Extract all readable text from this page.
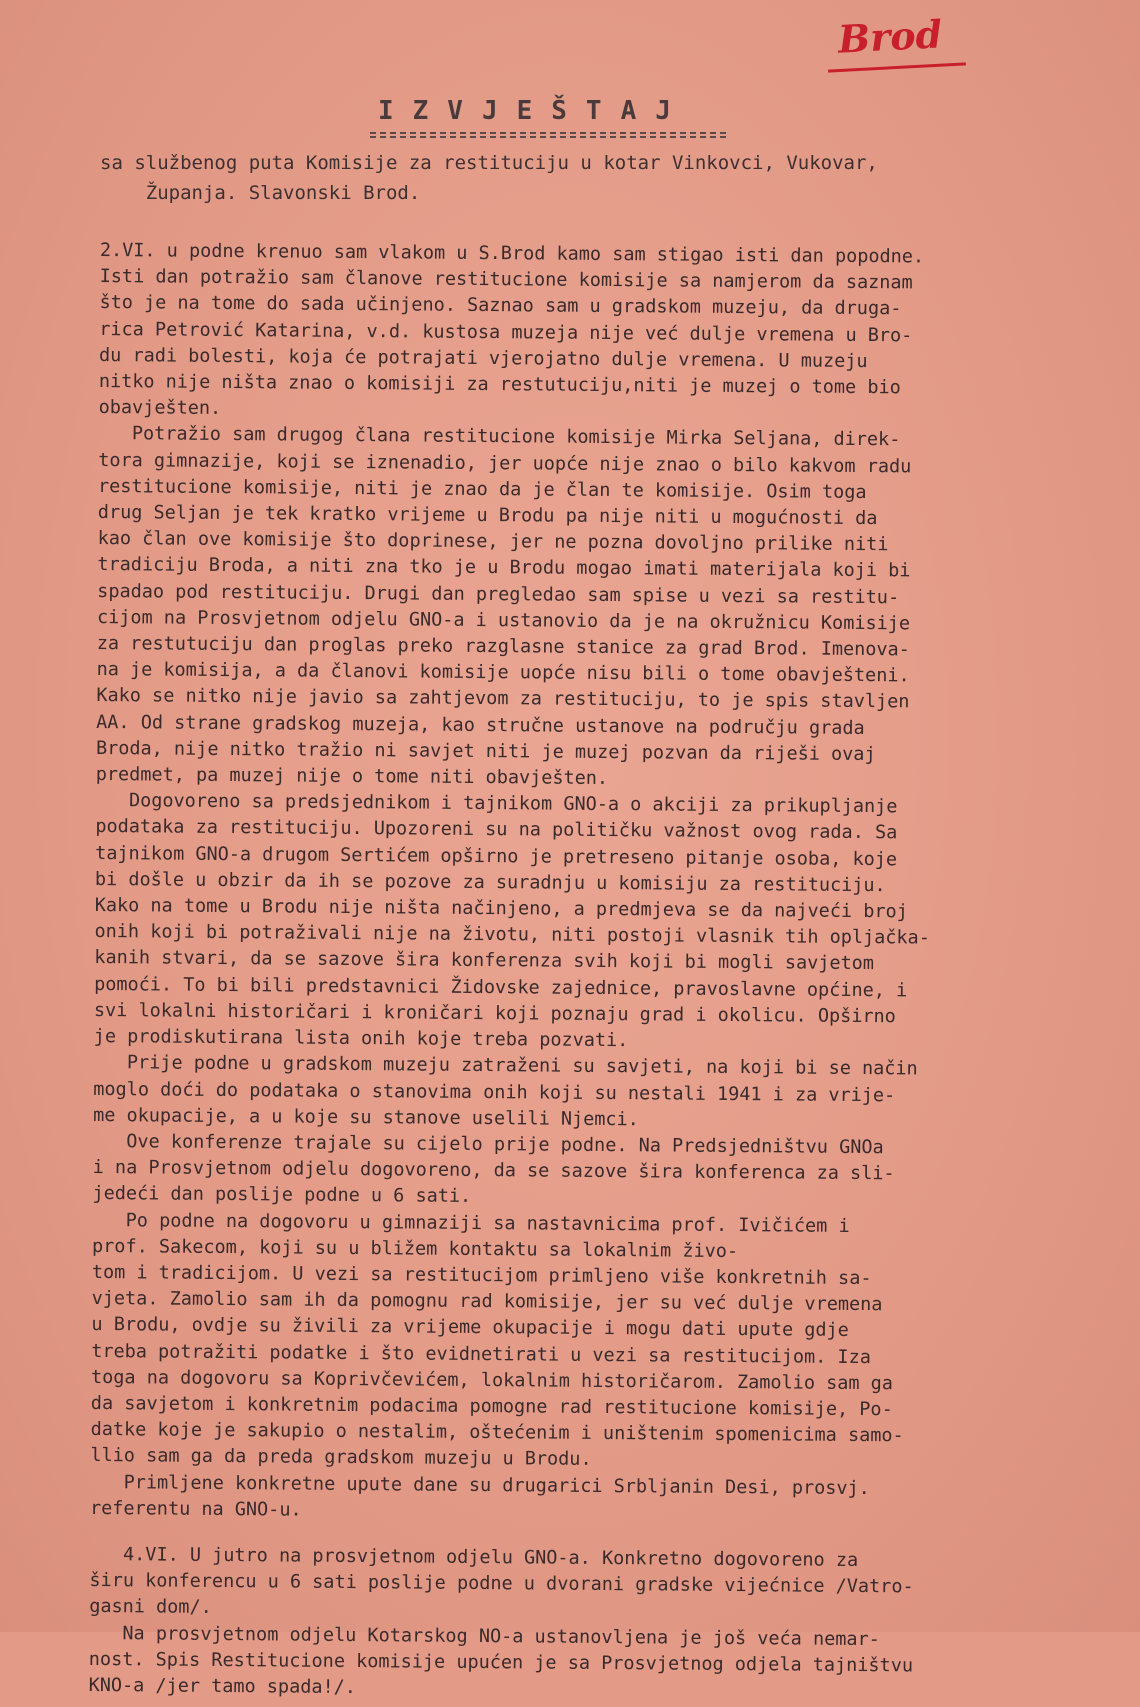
Brod
IZVJEŠTAJ
sa službenog puta Komisije za restituciju u kotar Vinkovci, Vukovar,
Županja. Slavonski Brod.
2.VI. u podne krenuo sam vlakom u S.Brod kamo sam stigao isti dan popodne.
Isti dan potražio sam članove restitucione komisije sa namjerom da saznam
što je na tome do sada učinjeno. Saznao sam u gradskom muzeju, da druga-
rica Petrović Katarina, v.d. kustosa muzeja nije već dulje vremena u Bro-
du radi bolesti, koja će potrajati vjerojatno dulje vremena. U muzeju
nitko nije ništa znao o komisiji za restutuciju,niti je muzej o tome bio
obavješten.
Potražio sam drugog člana restitucione komisije Mirka Seljana, direk-
tora gimnazije, koji se iznenadio, jer uopće nije znao o bilo kakvom radu
restitucione komisije, niti je znao da je član te komisije. Osim toga
drug Seljan je tek kratko vrijeme u Brodu pa nije niti u mogućnosti da
kao član ove komisije što doprinese, jer ne pozna dovoljno prilike niti
tradiciju Broda, a niti zna tko je u Brodu mogao imati materijala koji bi
spadao pod restituciju. Drugi dan pregledao sam spise u vezi sa restitu-
cijom na Prosvjetnom odjelu GNO-a i ustanovio da je na okružnicu Komisije
za restutuciju dan proglas preko razglasne stanice za grad Brod. Imenova-
na je komisija, a da članovi komisije uopće nisu bili o tome obavješteni.
Kako se nitko nije javio sa zahtjevom za restituciju, to je spis stavljen
AA. Od strane gradskog muzeja, kao stručne ustanove na području grada
Broda, nije nitko tražio ni savjet niti je muzej pozvan da riješi ovaj
predmet, pa muzej nije o tome niti obavješten.
Dogovoreno sa predsjednikom i tajnikom GNO-a o akciji za prikupljanje
podataka za restituciju. Upozoreni su na političku važnost ovog rada. Sa
tajnikom GNO-a drugom Sertićem opširno je pretreseno pitanje osoba, koje
bi došle u obzir da ih se pozove za suradnju u komisiju za restituciju.
Kako na tome u Brodu nije ništa načinjeno, a predmjeva se da najveći broj
onih koji bi potraživali nije na životu, niti postoji vlasnik tih opljačka-
kanih stvari, da se sazove šira konferenza svih koji bi mogli savjetom
pomoći. To bi bili predstavnici Židovske zajednice, pravoslavne općine, i
svi lokalni historičari i kroničari koji poznaju grad i okolicu. Opširno
je prodiskutirana lista onih koje treba pozvati.
Prije podne u gradskom muzeju zatraženi su savjeti, na koji bi se način
moglo doći do podataka o stanovima onih koji su nestali 1941 i za vrije-
me okupacije, a u koje su stanove uselili Njemci.
Ove konferenze trajale su cijelo prije podne. Na Predsjedništvu GNOa
i na Prosvjetnom odjelu dogovoreno, da se sazove šira konferenca za sli-
jedeći dan poslije podne u 6 sati.
Po podne na dogovoru u gimnaziji sa nastavnicima prof. Ivičićem i
prof. Sakecom, koji su u bližem kontaktu sa lokalnim živo-
tom i tradicijom. U vezi sa restitucijom primljeno više konkretnih sa-
vjeta. Zamolio sam ih da pomognu rad komisije, jer su već dulje vremena
u Brodu, ovdje su živili za vrijeme okupacije i mogu dati upute gdje
treba potražiti podatke i što evidnetirati u vezi sa restitucijom. Iza
toga na dogovoru sa Koprivčevićem, lokalnim historičarom. Zamolio sam ga
da savjetom i konkretnim podacima pomogne rad restitucione komisije, Po-
datke koje je sakupio o nestalim, oštećenim i uništenim spomenicima samo-
llio sam ga da preda gradskom muzeju u Brodu.
Primljene konkretne upute dane su drugarici Srbljanin Desi, prosvj.
referentu na GNO-u.
4.VI. U jutro na prosvjetnom odjelu GNO-a. Konkretno dogovoreno za
širu konferencu u 6 sati poslije podne u dvorani gradske vijećnice /Vatro-
gasni dom/.
Na prosvjetnom odjelu Kotarskog NO-a ustanovljena je još veća nemar-
nost. Spis Restitucione komisije upućen je sa Prosvjetnog odjela tajništvu
KNO-a /jer tamo spada!/.
